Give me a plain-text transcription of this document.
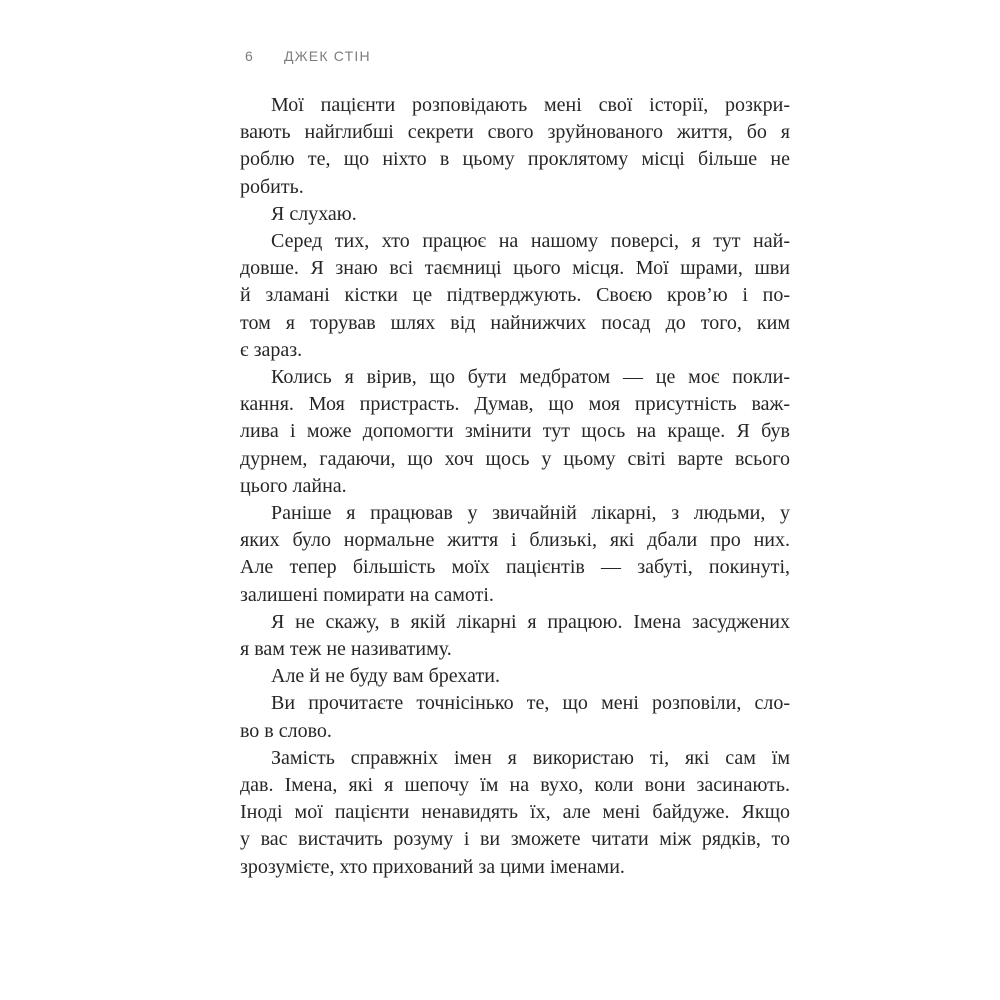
6 ДЖЕК СТІН
Мої пацієнти розповідають мені свої історії, розкри-
вають найглибші секрети свого зруйнованого життя, бо я
роблю те, що ніхто в цьому проклятому місці більше не
робить.
Я слухаю.
Серед тих, хто працює на нашому поверсі, я тут най-
довше. Я знаю всі таємниці цього місця. Мої шрами, шви
й зламані кістки це підтверджують. Своєю кров’ю і по-
том я торував шлях від найнижчих посад до того, ким
є зараз.
Колись я вірив, що бути медбратом — це моє покли-
кання. Моя пристрасть. Думав, що моя присутність важ-
лива і може допомогти змінити тут щось на краще. Я був
дурнем, гадаючи, що хоч щось у цьому світі варте всього
цього лайна.
Раніше я працював у звичайній лікарні, з людьми, у
яких було нормальне життя і близькі, які дбали про них.
Але тепер більшість моїх пацієнтів — забуті, покинуті,
залишені помирати на самоті.
Я не скажу, в якій лікарні я працюю. Імена засуджених
я вам теж не називатиму.
Але й не буду вам брехати.
Ви прочитаєте точнісінько те, що мені розповіли, сло-
во в слово.
Замість справжніх імен я використаю ті, які сам їм
дав. Імена, які я шепочу їм на вухо, коли вони засинають.
Іноді мої пацієнти ненавидять їх, але мені байдуже. Якщо
у вас вистачить розуму і ви зможете читати між рядків, то
зрозумієте, хто прихований за цими іменами.
